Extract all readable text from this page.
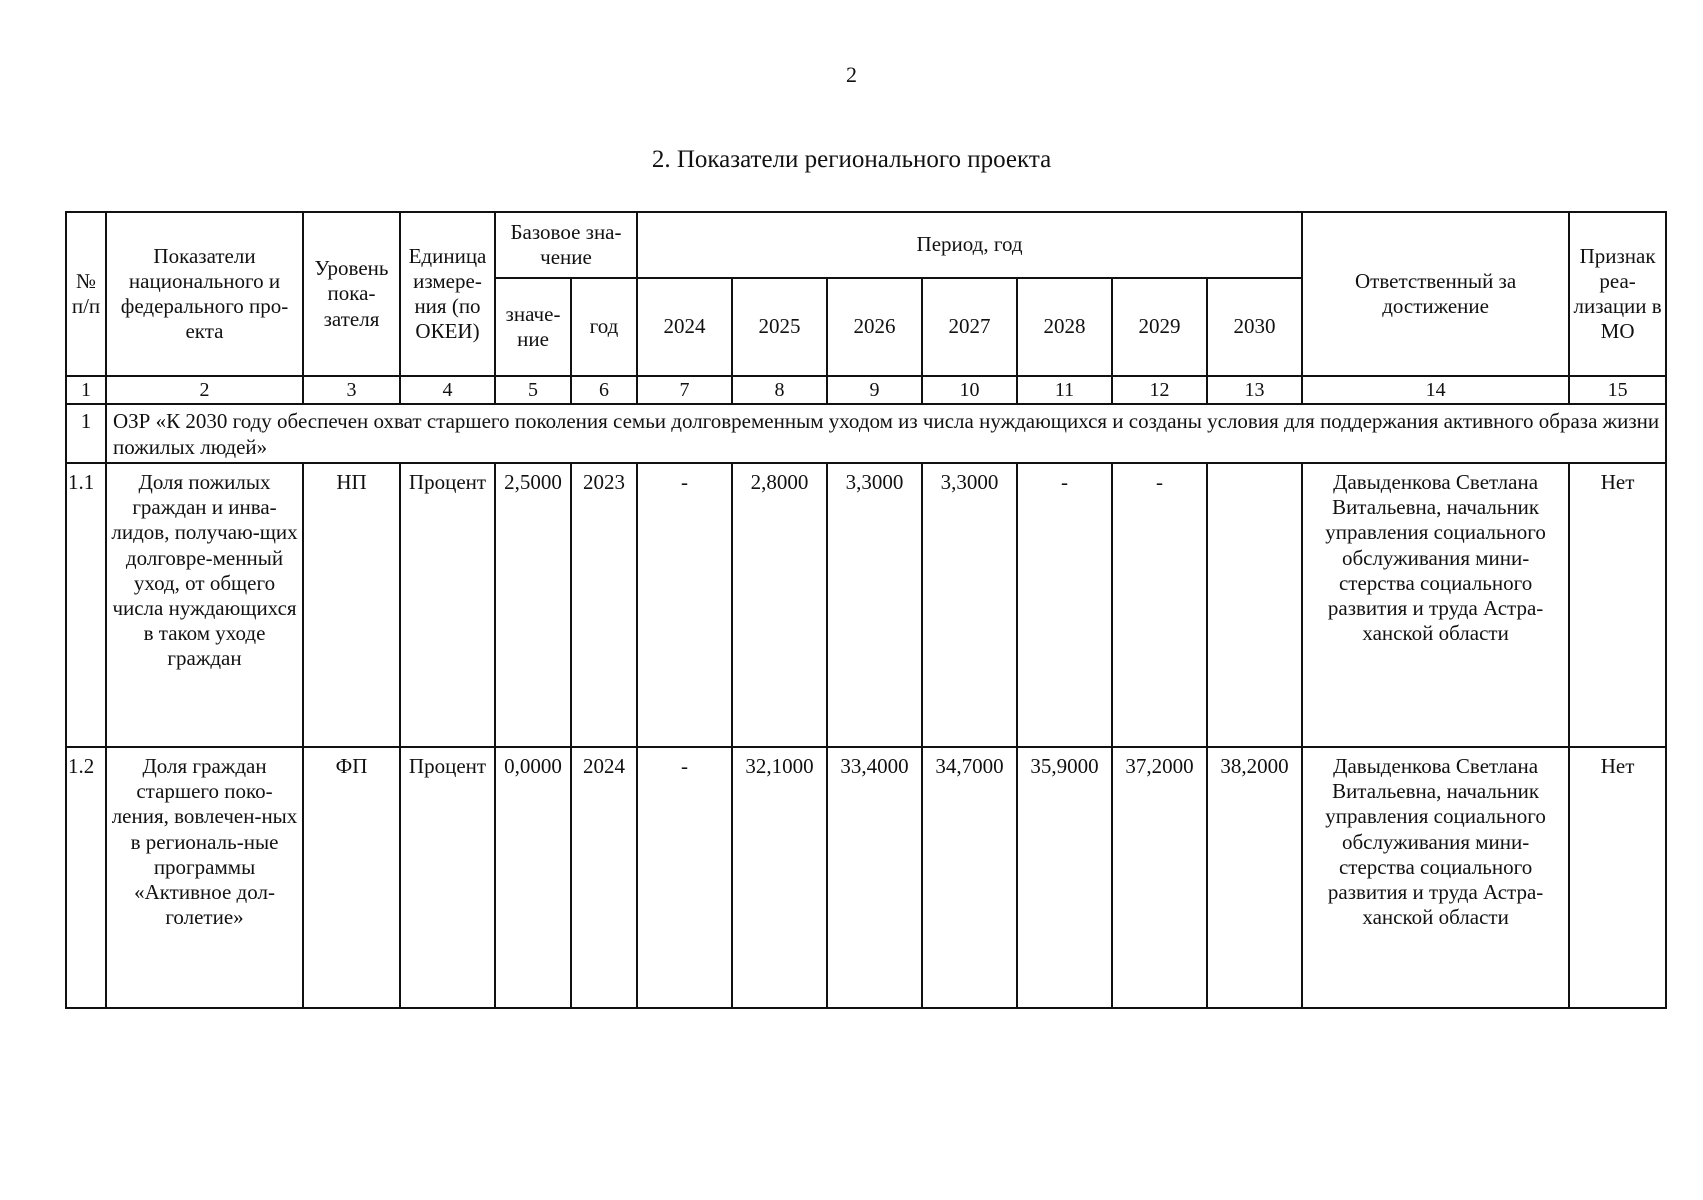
2
2. Показатели регионального проекта
№ п/п	Показатели национального и федерального про-екта	Уровень пока-зателя	Единица измере-ния (по ОКЕИ)	Базовое зна-чение		Период, год							Ответственный за достижение	Признак реа-лизации в МО
				значе-ние	год	2024	2025	2026	2027	2028	2029	2030		
1	2	3	4	5	6	7	8	9	10	11	12	13	14	15
1	ОЗР «К 2030 году обеспечен охват старшего поколения семьи долговременным уходом из числа нуждающихся и созданы условия для поддержания активного образа жизни пожилых людей»													
1.1	Доля пожилых граждан и инва-лидов, получаю-щих долговре-менный уход, от общего числа нуждающихся в таком уходе граждан	НП	Процент	2,5000	2023	-	2,8000	3,3000	3,3000	-	-		Давыденкова Светлана Витальевна, начальник управления социального обслуживания мини-стерства социального развития и труда Астра-ханской области	Нет
1.2	Доля граждан старшего поко-ления, вовлечен-ных в региональ-ные программы «Активное дол-голетие»	ФП	Процент	0,0000	2024	-	32,1000	33,4000	34,7000	35,9000	37,2000	38,2000	Давыденкова Светлана Витальевна, начальник управления социального обслуживания мини-стерства социального развития и труда Астра-ханской области	Нет
